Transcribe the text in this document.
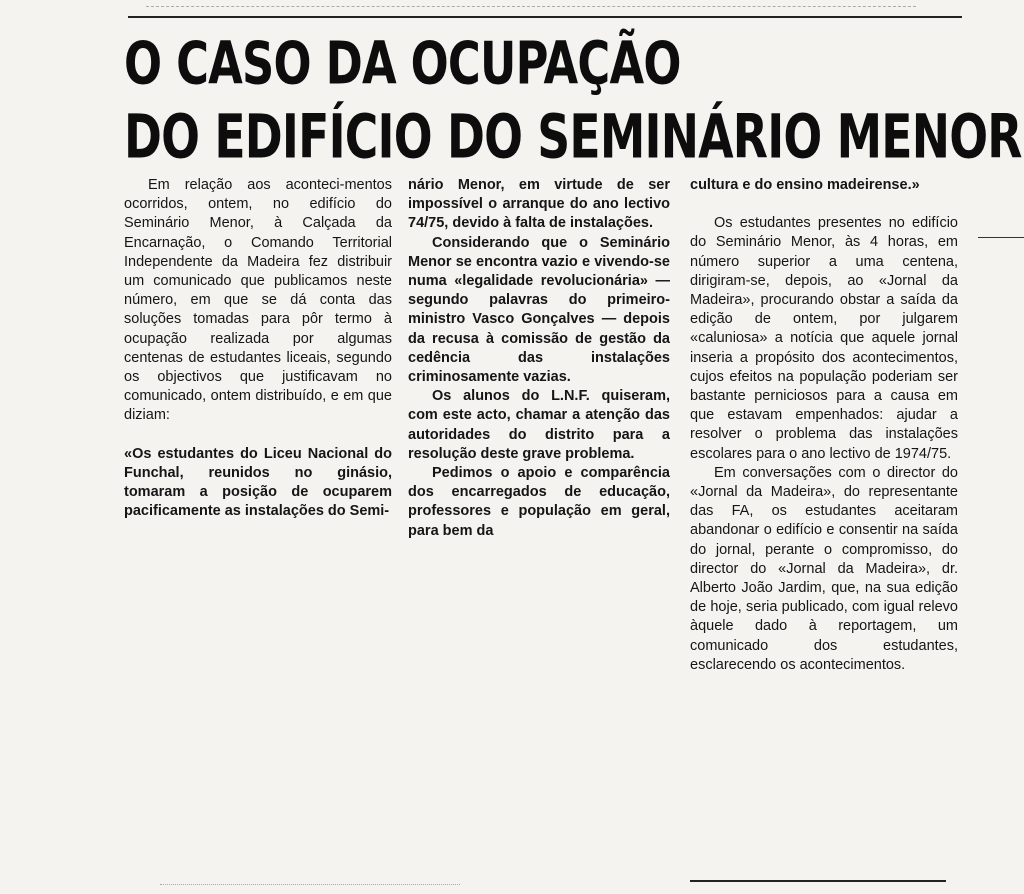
O CASO DA OCUPAÇÃO
DO EDIFÍCIO DO SEMINÁRIO MENOR

Em relação aos aconteci-mentos ocorridos, ontem, no edifício do Seminário Menor, à Calçada da Encarnação, o Comando Territorial Independente da Madeira fez distribuir um comunicado que publicamos neste número, em que se dá conta das soluções tomadas para pôr termo à ocupação realizada por algumas centenas de estudantes liceais, segundo os objectivos que justificavam no comunicado, ontem distribuído, e em que diziam:

«Os estudantes do Liceu Nacional do Funchal, reunidos no ginásio, tomaram a posição de ocuparem pacificamente as instalações do Semi-

nário Menor, em virtude de ser impossível o arranque do ano lectivo 74/75, devido à falta de instalações.

Considerando que o Seminário Menor se encontra vazio e vivendo-se numa «legalidade revolucionária» — segundo palavras do primeiro-ministro Vasco Gonçalves — depois da recusa à comissão de gestão da cedência das instalações criminosamente vazias.

Os alunos do L.N.F. quiseram, com este acto, chamar a atenção das autoridades do distrito para a resolução deste grave problema.

Pedimos o apoio e comparência dos encarregados de educação, professores e população em geral, para bem da

cultura e do ensino madeirense.»

Os estudantes presentes no edifício do Seminário Menor, às 4 horas, em número superior a uma centena, dirigiram-se, depois, ao «Jornal da Madeira», procurando obstar a saída da edição de ontem, por julgarem «caluniosa» a notícia que aquele jornal inseria a propósito dos acontecimentos, cujos efeitos na população poderiam ser bastante perniciosos para a causa em que estavam empenhados: ajudar a resolver o problema das instalações escolares para o ano lectivo de 1974/75.

Em conversações com o director do «Jornal da Madeira», do representante das FA, os estudantes aceitaram abandonar o edifício e consentir na saída do jornal, perante o compromisso, do director do «Jornal da Madeira», dr. Alberto João Jardim, que, na sua edição de hoje, seria publicado, com igual relevo àquele dado à reportagem, um comunicado dos estudantes, esclarecendo os acontecimentos.
